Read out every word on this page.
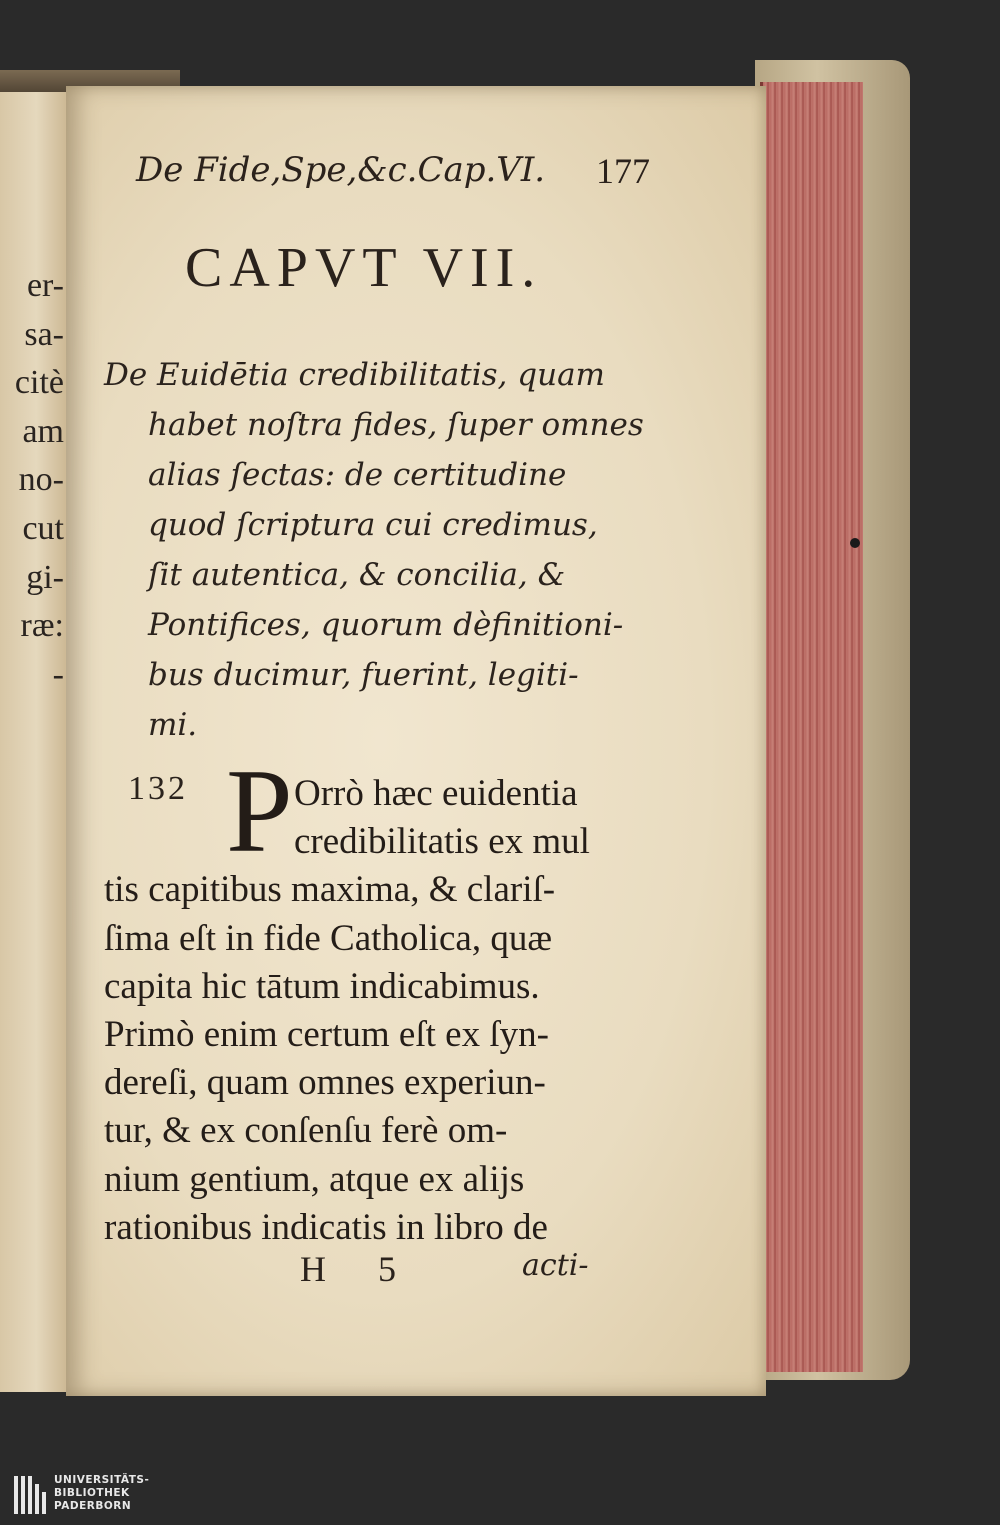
er-
sa-
citè
am
no-
cut
gi-
ræ:
-
De Fide,Spe,&c.Cap.VI. 177
CAPVT VII.
De Euidētia credibilitatis, quam
habet noſtra fides, ſuper omnes
alias ſectas: de certitudine
quod ſcriptura cui credimus,
ſit autentica, & concilia, &
Pontifices, quorum dèfinitioni-
bus ducimur, fuerint, legiti-
mi.
132 P Orrò hæc euidentia
credibilitatis ex mul
tis capitibus maxima, & clariſ-
ſima eſt in fide Catholica, quæ
capita hic tātum indicabimus.
Primò enim certum eſt ex ſyn-
dereſi, quam omnes experiun-
tur, & ex conſenſu ferè om-
nium gentium, atque ex alijs
rationibus indicatis in libro de
H 5	acti-
UNIVERSITÄTS-
BIBLIOTHEK
PADERBORN
